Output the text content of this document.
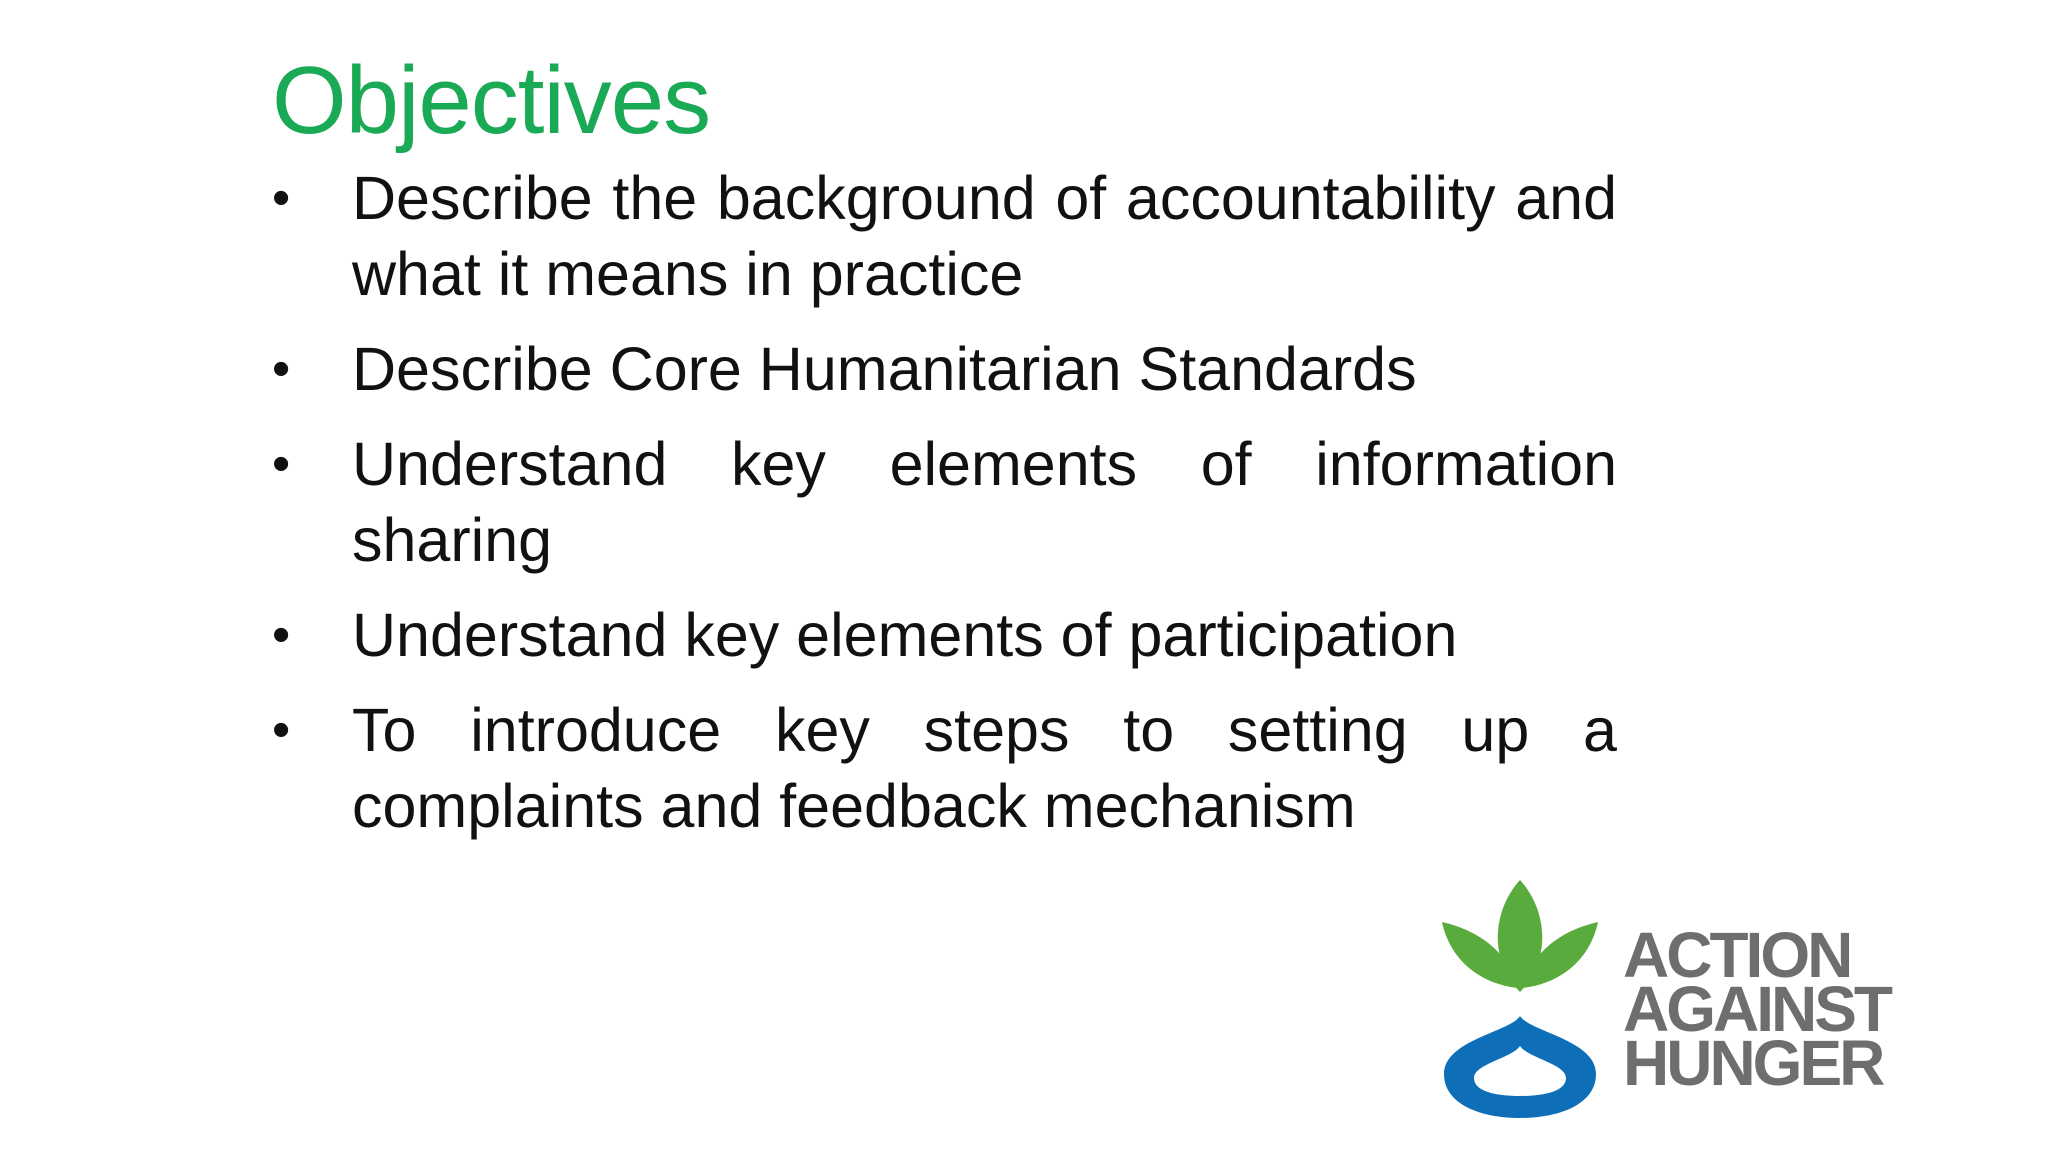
Objectives
•	Describe the background of accountability and what it means in practice
•	Describe Core Humanitarian Standards
•	Understand key elements of information sharing
•	Understand key elements of participation
•	To introduce key steps to setting up a complaints and feedback mechanism
ACTION
AGAINST
HUNGER
